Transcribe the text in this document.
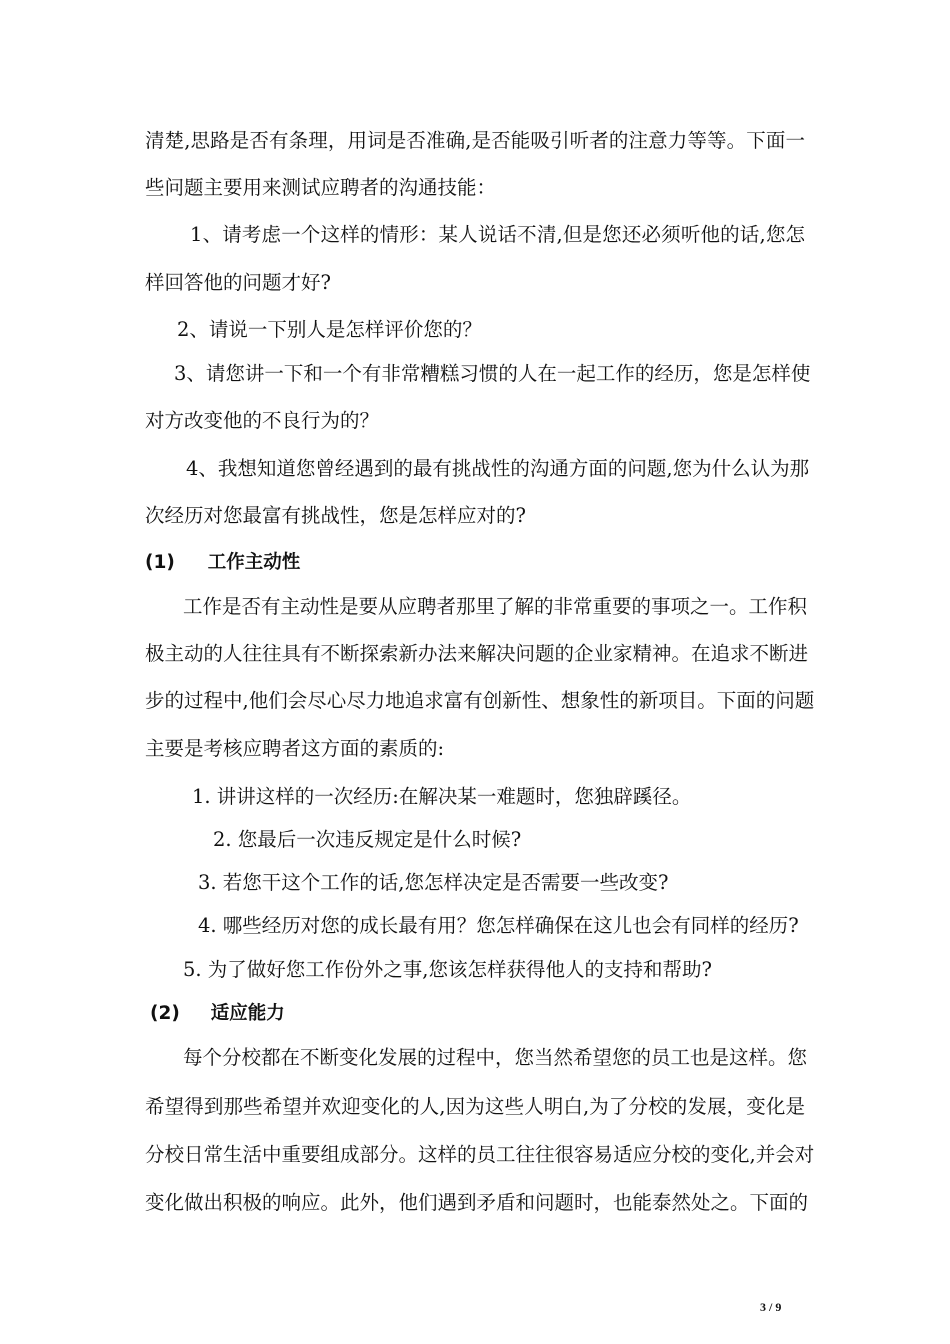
清楚,思路是否有条理，用词是否准确,是否能吸引听者的注意力等等。下面一
些问题主要用来测试应聘者的沟通技能：
1、请考虑一个这样的情形：某人说话不清,但是您还必须听他的话,您怎
样回答他的问题才好?
2、请说一下别人是怎样评价您的？
3、请您讲一下和一个有非常糟糕习惯的人在一起工作的经历，您是怎样使
对方改变他的不良行为的？
4、我想知道您曾经遇到的最有挑战性的沟通方面的问题,您为什么认为那
次经历对您最富有挑战性，您是怎样应对的?
(1) 工作主动性
工作是否有主动性是要从应聘者那里了解的非常重要的事项之一。工作积
极主动的人往往具有不断探索新办法来解决问题的企业家精神。在追求不断进
步的过程中,他们会尽心尽力地追求富有创新性、想象性的新项目。下面的问题
主要是考核应聘者这方面的素质的:
1. 讲讲这样的一次经历:在解决某一难题时，您独辟蹊径。
2. 您最后一次违反规定是什么时候?
3. 若您干这个工作的话,您怎样决定是否需要一些改变?
4. 哪些经历对您的成长最有用？您怎样确保在这儿也会有同样的经历?
5. 为了做好您工作份外之事,您该怎样获得他人的支持和帮助?
(2) 适应能力
每个分校都在不断变化发展的过程中，您当然希望您的员工也是这样。您
希望得到那些希望并欢迎变化的人,因为这些人明白,为了分校的发展，变化是
分校日常生活中重要组成部分。这样的员工往往很容易适应分校的变化,并会对
变化做出积极的响应。此外，他们遇到矛盾和问题时，也能泰然处之。下面的
3 / 9
